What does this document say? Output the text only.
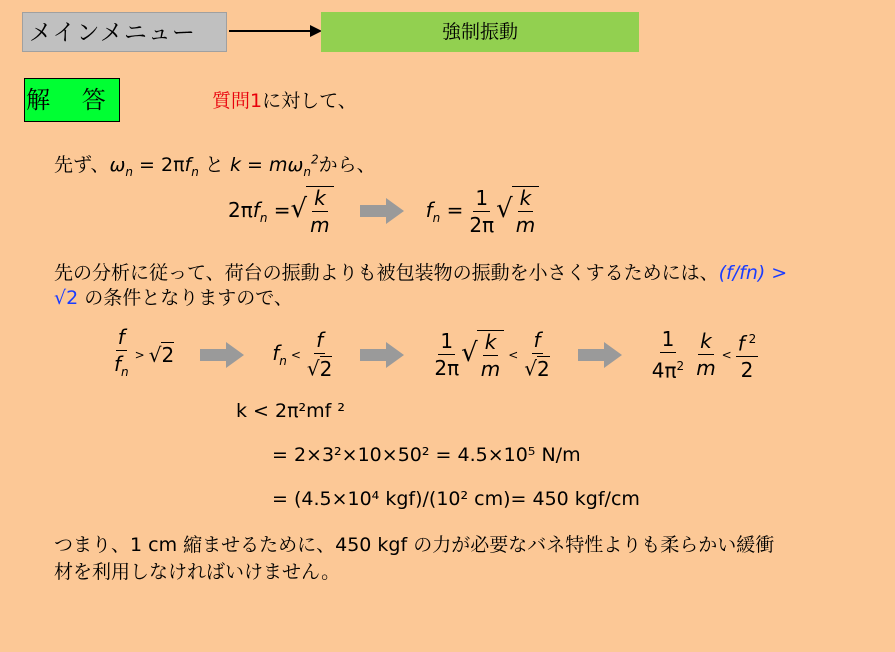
メインメニュー	強制振動
解 答	質問1に対して、
先ず、$\omega_n = 2\pi f_n$ と $k = m\omega_n^2$から、
$2\pi f_n$ = √ $\frac{k}{m}$	$f_n = \frac{1}{2\pi}$ √ $\frac{k}{m}$
先の分析に従って、荷台の振動よりも被包装物の振動を小さくするためには、(f/fn) >
√2 の条件となりますので、
$\frac{f}{f_n} > √2$	$f_n < \frac{f}{√2}$	$\frac{1}{2\pi}$ √ $\frac{k}{m} < \frac{f}{√2}$	$\frac{1}{4\pi^2} \frac{k}{m} < \frac{f ^2}{2}$
k < 2π²mf ²
= 2×3²×10×50² = 4.5×10⁵ N/m
= (4.5×10⁴ kgf)/(10² cm)= 450 kgf/cm
つまり、1 cm 縮ませるために、450 kgf の力が必要なバネ特性よりも柔らかい緩衝
材を利用しなければいけません。
